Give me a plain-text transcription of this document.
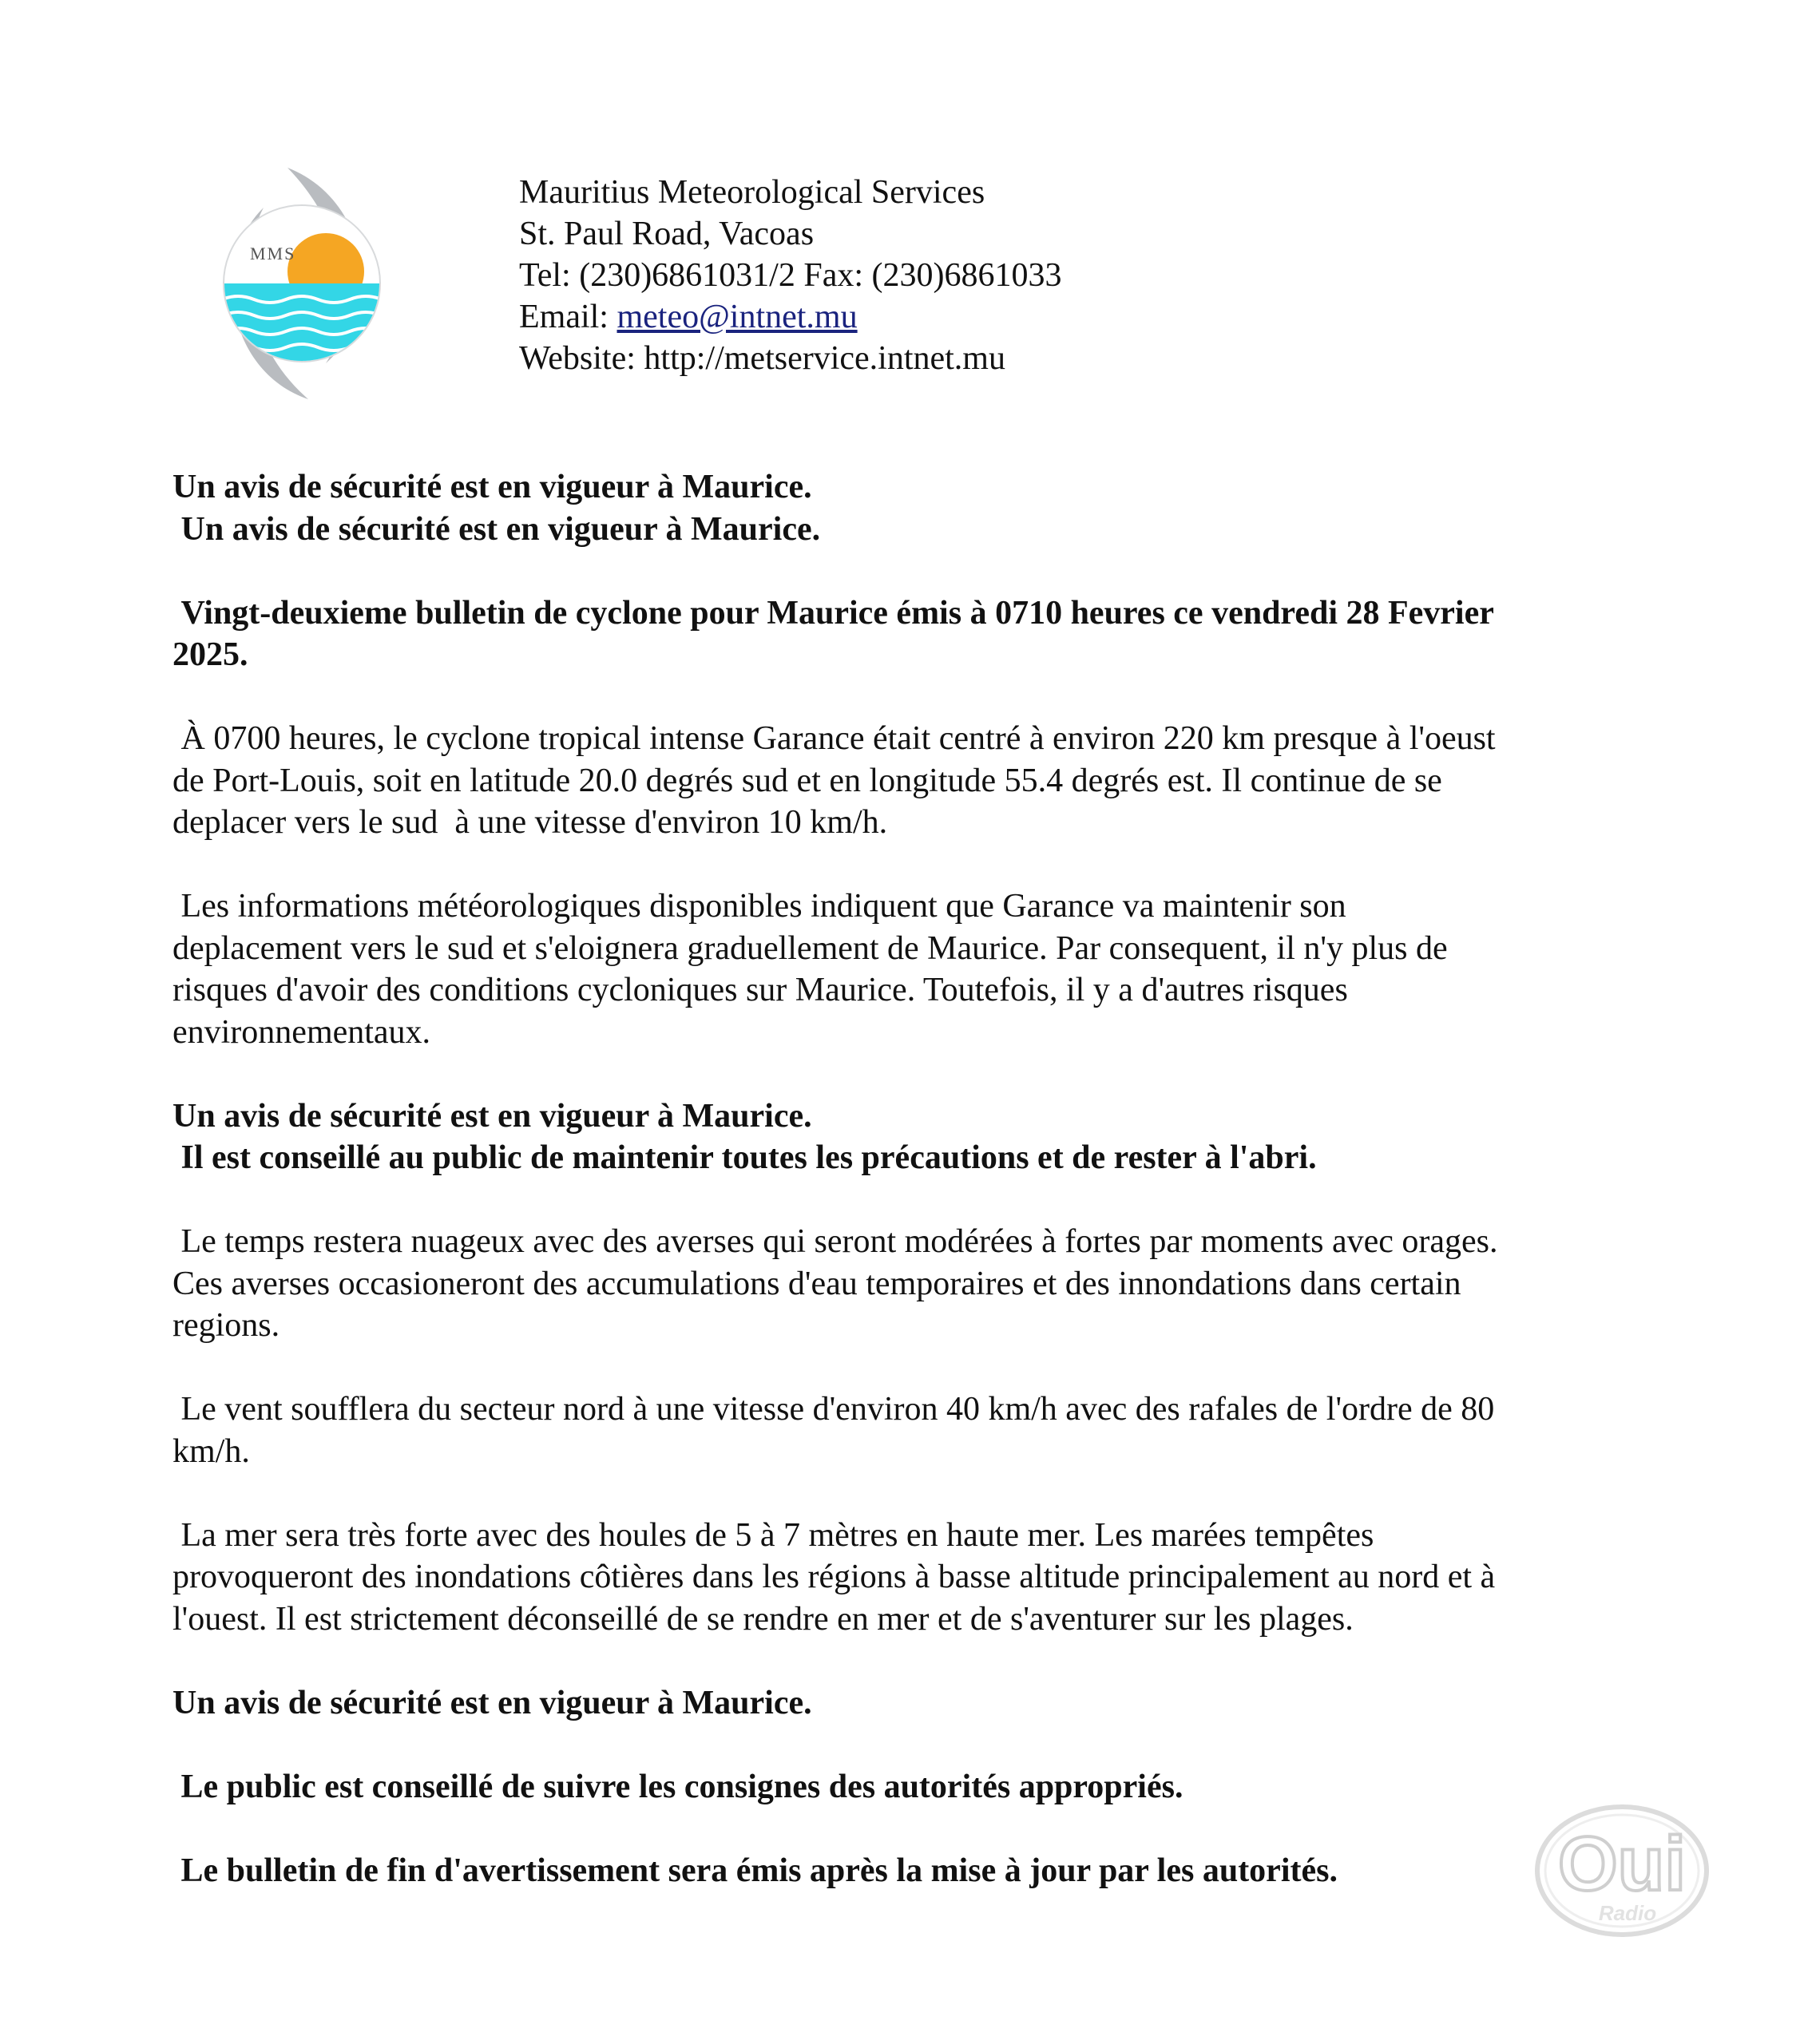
MMS
Mauritius Meteorological Services
St. Paul Road, Vacoas
Tel: (230)6861031/2 Fax: (230)6861033
Email: meteo@intnet.mu
Website: http://metservice.intnet.mu
Un avis de sécurité est en vigueur à Maurice.
Un avis de sécurité est en vigueur à Maurice.
Vingt-deuxieme bulletin de cyclone pour Maurice émis à 0710 heures ce vendredi 28 Fevrier
2025.
À 0700 heures, le cyclone tropical intense Garance était centré à environ 220 km presque à l'oeust
de Port-Louis, soit en latitude 20.0 degrés sud et en longitude 55.4 degrés est. Il continue de se
deplacer vers le sud  à une vitesse d'environ 10 km/h.
Les informations météorologiques disponibles indiquent que Garance va maintenir son
deplacement vers le sud et s'eloignera graduellement de Maurice. Par consequent, il n'y plus de
risques d'avoir des conditions cycloniques sur Maurice. Toutefois, il y a d'autres risques
environnementaux.
Un avis de sécurité est en vigueur à Maurice.
Il est conseillé au public de maintenir toutes les précautions et de rester à l'abri.
Le temps restera nuageux avec des averses qui seront modérées à fortes par moments avec orages.
Ces averses occasioneront des accumulations d'eau temporaires et des innondations dans certain
regions.
Le vent soufflera du secteur nord à une vitesse d'environ 40 km/h avec des rafales de l'ordre de 80
km/h.
La mer sera très forte avec des houles de 5 à 7 mètres en haute mer. Les marées tempêtes
provoqueront des inondations côtières dans les régions à basse altitude principalement au nord et à
l'ouest. Il est strictement déconseillé de se rendre en mer et de s'aventurer sur les plages.
Un avis de sécurité est en vigueur à Maurice.
Le public est conseillé de suivre les consignes des autorités appropriés.
Le bulletin de fin d'avertissement sera émis après la mise à jour par les autorités.	Oui
Radio
